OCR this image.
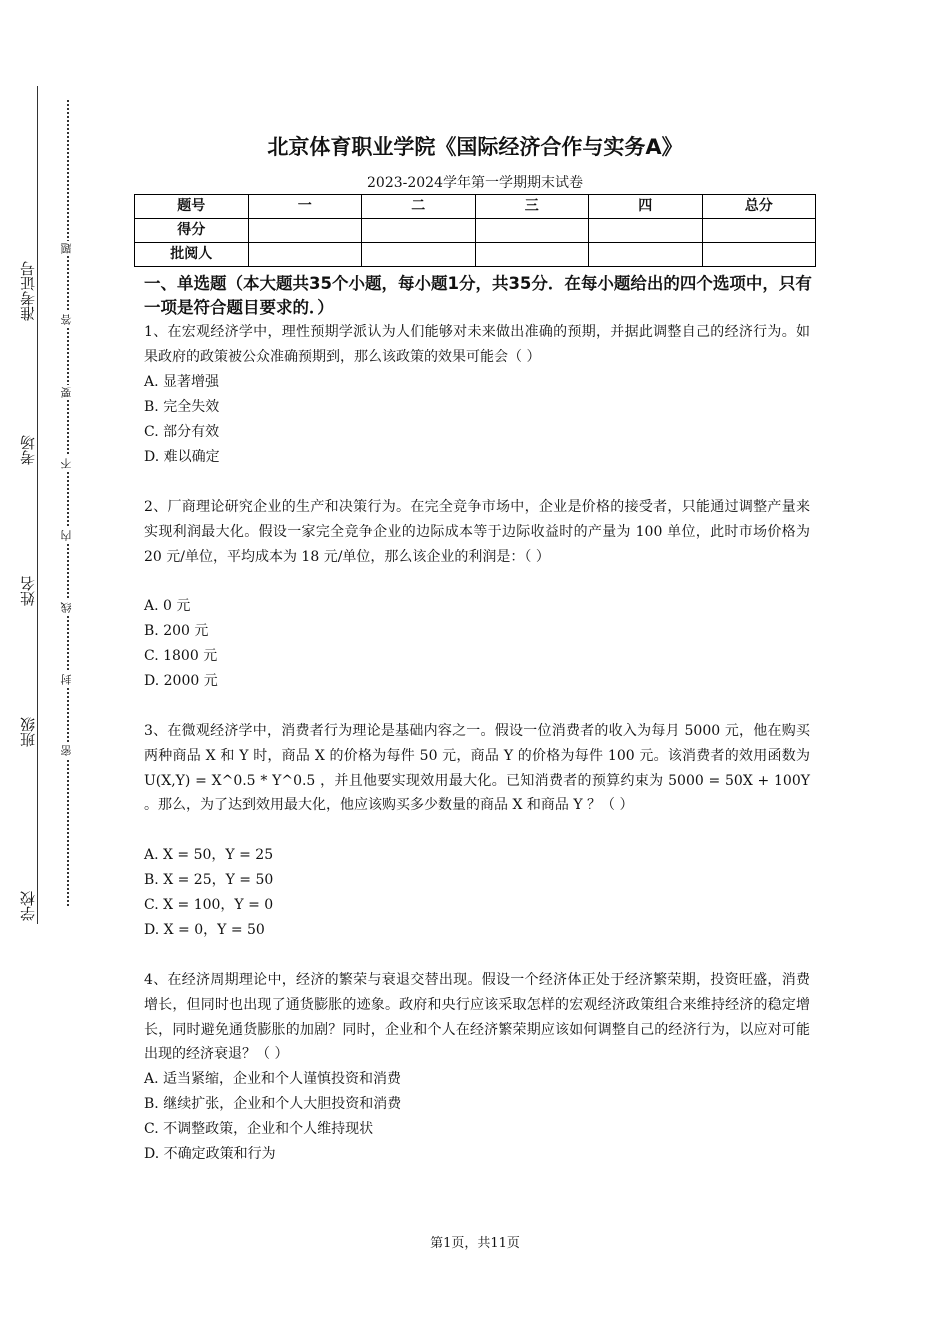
准考证号
考场
姓名
班级
学校
题
答
要
不
内
线
封
密
北京体育职业学院《国际经济合作与实务A》
2023-2024学年第一学期期末试卷
题号	一	二	三	四	总分
得分					
批阅人					
一、单选题（本大题共35个小题，每小题1分，共35分．在每小题给出的四个选项中，只有一项是符合题目要求的．）
1、在宏观经济学中，理性预期学派认为人们能够对未来做出准确的预期，并据此调整自己的经济行为。如果政府的政策被公众准确预期到，那么该政策的效果可能会（ ）
A. 显著增强
B. 完全失效
C. 部分有效
D. 难以确定
2、厂商理论研究企业的生产和决策行为。在完全竞争市场中，企业是价格的接受者，只能通过调整产量来实现利润最大化。假设一家完全竞争企业的边际成本等于边际收益时的产量为 100 单位，此时市场价格为 20 元/单位，平均成本为 18 元/单位，那么该企业的利润是：（ ）
A. 0 元
B. 200 元
C. 1800 元
D. 2000 元
3、在微观经济学中，消费者行为理论是基础内容之一。假设一位消费者的收入为每月 5000 元，他在购买两种商品 X 和 Y 时，商品 X 的价格为每件 50 元，商品 Y 的价格为每件 100 元。该消费者的效用函数为 U(X,Y) = X^0.5 * Y^0.5 ，并且他要实现效用最大化。已知消费者的预算约束为 5000 = 50X + 100Y 。那么，为了达到效用最大化，他应该购买多少数量的商品 X 和商品 Y ？（ ）
A. X = 50，Y = 25
B. X = 25，Y = 50
C. X = 100，Y = 0
D. X = 0，Y = 50
4、在经济周期理论中，经济的繁荣与衰退交替出现。假设一个经济体正处于经济繁荣期，投资旺盛，消费增长，但同时也出现了通货膨胀的迹象。政府和央行应该采取怎样的宏观经济政策组合来维持经济的稳定增长，同时避免通货膨胀的加剧？同时，企业和个人在经济繁荣期应该如何调整自己的经济行为，以应对可能出现的经济衰退？（ ）
A. 适当紧缩，企业和个人谨慎投资和消费
B. 继续扩张，企业和个人大胆投资和消费
C. 不调整政策，企业和个人维持现状
D. 不确定政策和行为
第1页，共11页
